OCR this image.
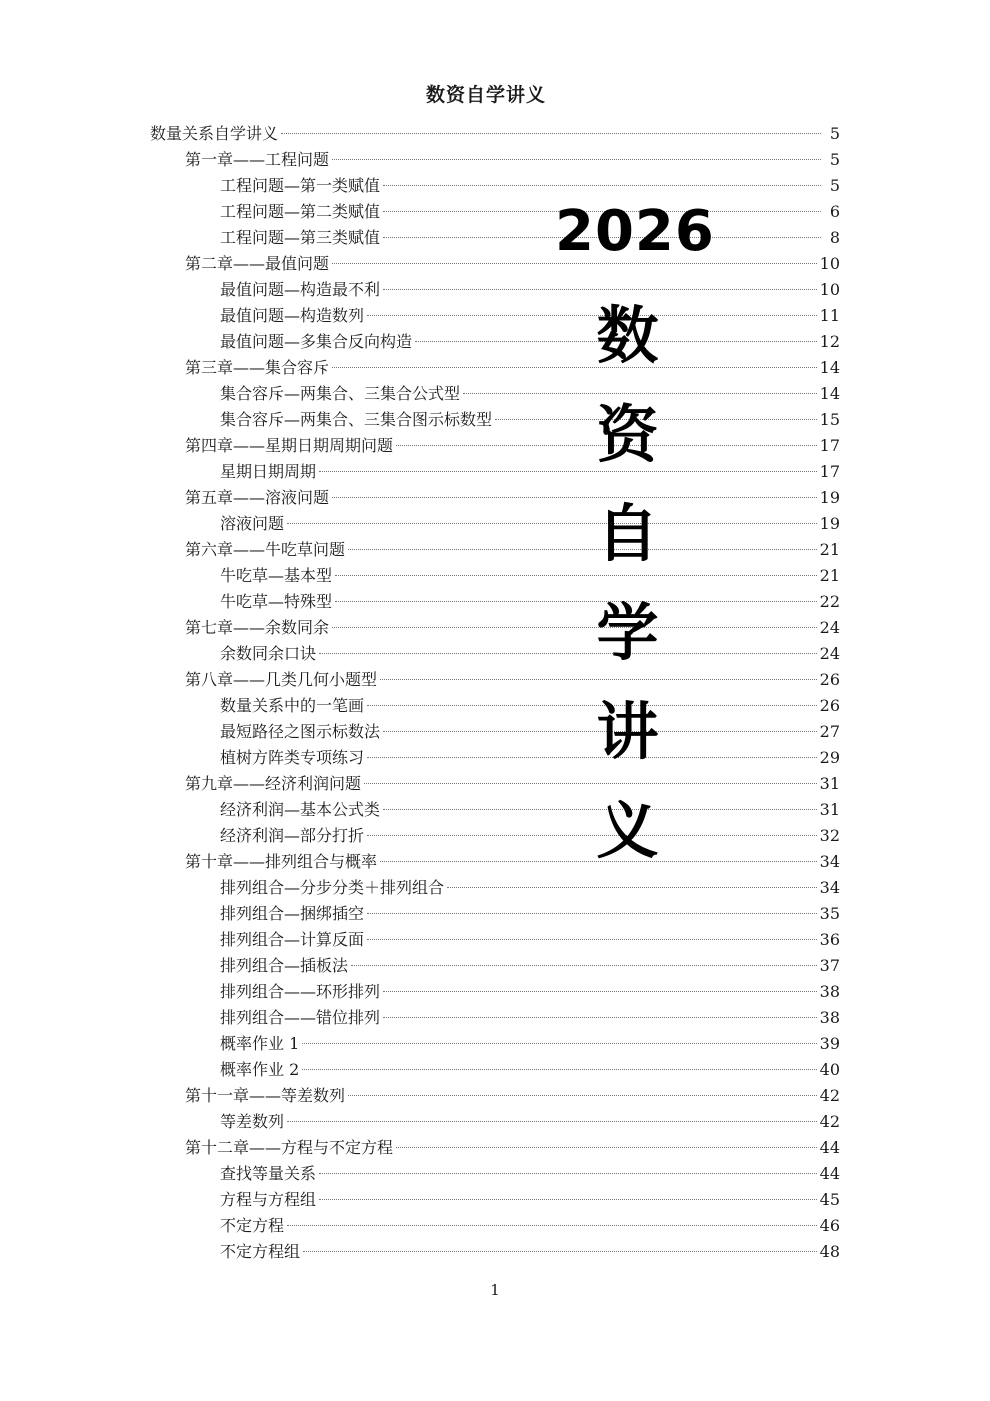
数资自学讲义
数量关系自学讲义	5
第一章——工程问题	5
工程问题—第一类赋值	5
工程问题—第二类赋值	6
工程问题—第三类赋值	8
第二章——最值问题	10
最值问题—构造最不利	10
最值问题—构造数列	11
最值问题—多集合反向构造	12
第三章——集合容斥	14
集合容斥—两集合、三集合公式型	14
集合容斥—两集合、三集合图示标数型	15
第四章——星期日期周期问题	17
星期日期周期	17
第五章——溶液问题	19
溶液问题	19
第六章——牛吃草问题	21
牛吃草—基本型	21
牛吃草—特殊型	22
第七章——余数同余	24
余数同余口诀	24
第八章——几类几何小题型	26
数量关系中的一笔画	26
最短路径之图示标数法	27
植树方阵类专项练习	29
第九章——经济利润问题	31
经济利润—基本公式类	31
经济利润—部分打折	32
第十章——排列组合与概率	34
排列组合—分步分类＋排列组合	34
排列组合—捆绑插空	35
排列组合—计算反面	36
排列组合—插板法	37
排列组合——环形排列	38
排列组合——错位排列	38
概率作业 1	39
概率作业 2	40
第十一章——等差数列	42
等差数列	42
第十二章——方程与不定方程	44
查找等量关系	44
方程与方程组	45
不定方程	46
不定方程组	48
2026
数
资
自
学
讲
义
1
